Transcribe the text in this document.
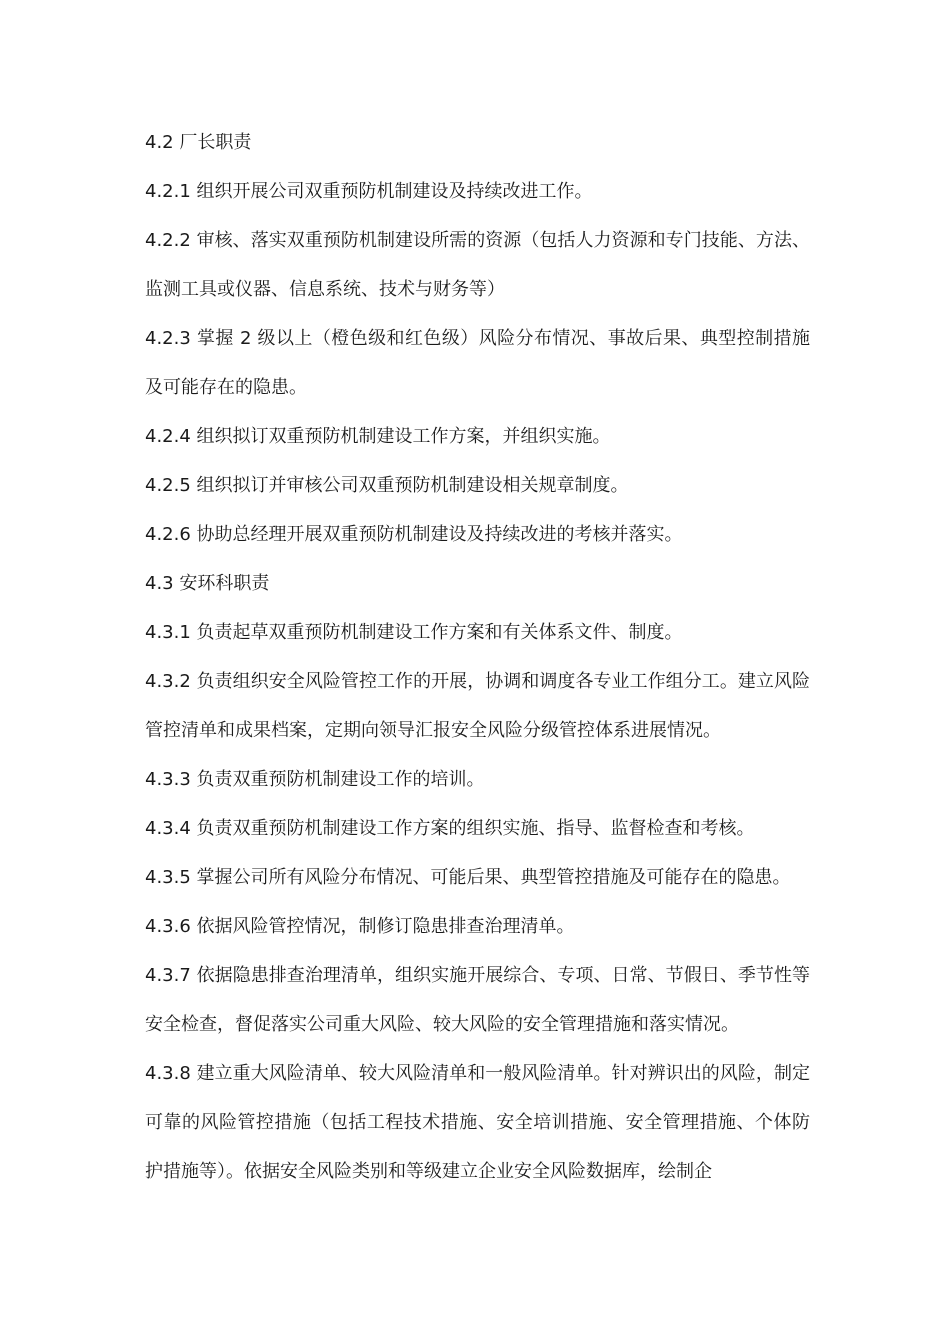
4.2 厂长职责

4.2.1 组织开展公司双重预防机制建设及持续改进工作。

4.2.2 审核、落实双重预防机制建设所需的资源（包括人力资源和专门技能、方法、监测工具或仪器、信息系统、技术与财务等）

4.2.3 掌握 2 级以上（橙色级和红色级）风险分布情况、事故后果、典型控制措施及可能存在的隐患。

4.2.4 组织拟订双重预防机制建设工作方案，并组织实施。

4.2.5 组织拟订并审核公司双重预防机制建设相关规章制度。

4.2.6 协助总经理开展双重预防机制建设及持续改进的考核并落实。

4.3 安环科职责

4.3.1 负责起草双重预防机制建设工作方案和有关体系文件、制度。

4.3.2 负责组织安全风险管控工作的开展，协调和调度各专业工作组分工。建立风险管控清单和成果档案，定期向领导汇报安全风险分级管控体系进展情况。

4.3.3 负责双重预防机制建设工作的培训。

4.3.4 负责双重预防机制建设工作方案的组织实施、指导、监督检查和考核。

4.3.5 掌握公司所有风险分布情况、可能后果、典型管控措施及可能存在的隐患。

4.3.6 依据风险管控情况，制修订隐患排查治理清单。

4.3.7 依据隐患排查治理清单，组织实施开展综合、专项、日常、节假日、季节性等安全检查，督促落实公司重大风险、较大风险的安全管理措施和落实情况。

4.3.8 建立重大风险清单、较大风险清单和一般风险清单。针对辨识出的风险，制定可靠的风险管控措施（包括工程技术措施、安全培训措施、安全管理措施、个体防护措施等）。依据安全风险类别和等级建立企业安全风险数据库，绘制企
